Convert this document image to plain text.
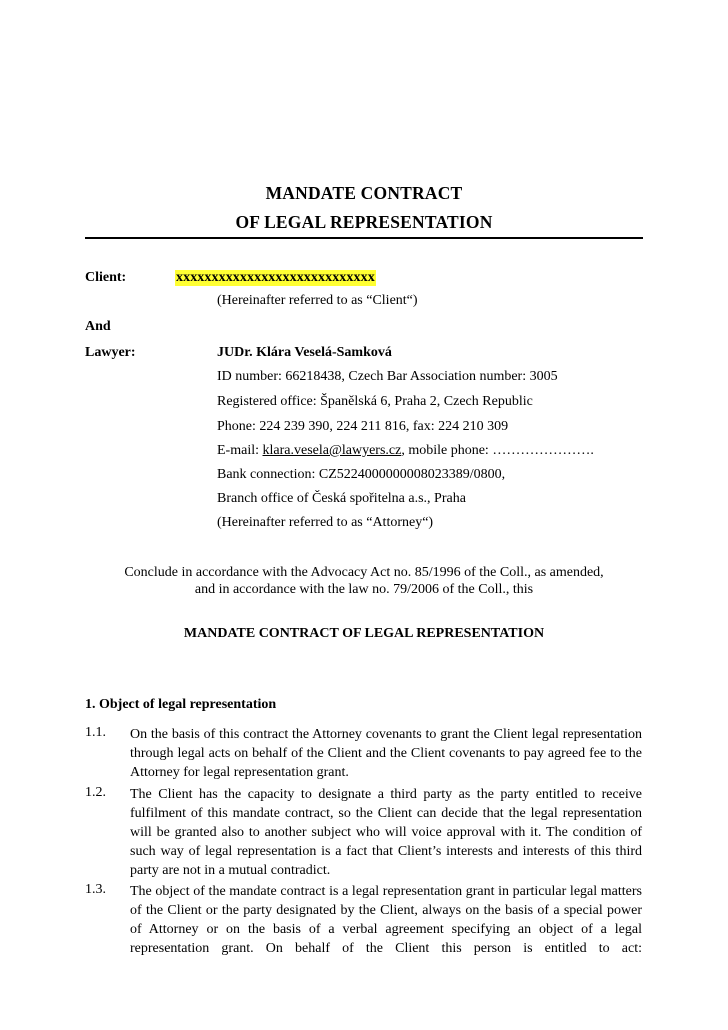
MANDATE CONTRACT
OF LEGAL REPRESENTATION
Client:	xxxxxxxxxxxxxxxxxxxxxxxxxxxx
(Hereinafter referred to as “Client“)
And
Lawyer:	JUDr. Klára Veselá-Samková
ID number: 66218438, Czech Bar Association number: 3005
Registered office: Španělská 6, Praha 2, Czech Republic
Phone: 224 239 390, 224 211 816, fax: 224 210 309
E-mail: klara.vesela@lawyers.cz, mobile phone: ………………….
Bank connection: CZ5224000000008023389/0800,
Branch office of Česká spořitelna a.s., Praha
(Hereinafter referred to as “Attorney“)
Conclude in accordance with the Advocacy Act no. 85/1996 of the Coll., as amended,
and in accordance with the law no. 79/2006 of the Coll., this
MANDATE CONTRACT OF LEGAL REPRESENTATION
1. Object of legal representation
1.1. On the basis of this contract the Attorney covenants to grant the Client legal representation through legal acts on behalf of the Client and the Client covenants to pay agreed fee to the Attorney for legal representation grant.
1.2. The Client has the capacity to designate a third party as the party entitled to receive fulfilment of this mandate contract, so the Client can decide that the legal representation will be granted also to another subject who will voice approval with it. The condition of such way of legal representation is a fact that Client’s interests and interests of this third party are not in a mutual contradict.
1.3. The object of the mandate contract is a legal representation grant in particular legal matters of the Client or the party designated by the Client, always on the basis of a special power of Attorney or on the basis of a verbal agreement specifying an object of a legal representation grant. On behalf of the Client this person is entitled to act:
